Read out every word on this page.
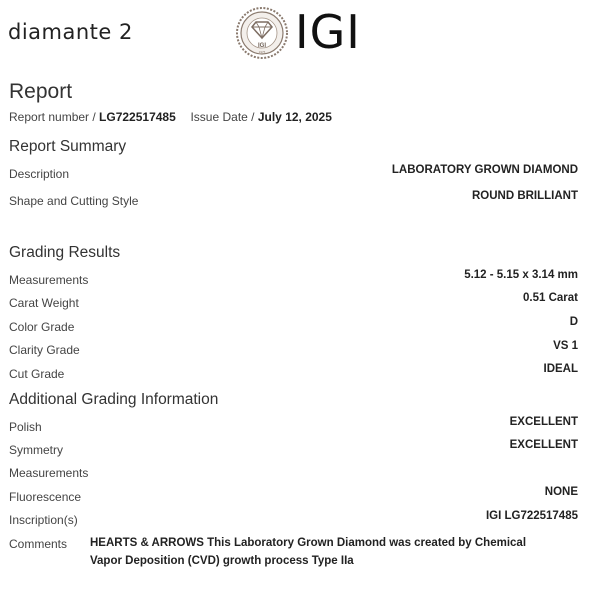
diamante 2
IGI
1975 IGI
Report
Report number / LG722517485 Issue Date / July 12, 2025
Report Summary
Description	LABORATORY GROWN DIAMOND
Shape and Cutting Style	ROUND BRILLIANT
Grading Results
Measurements	5.12 - 5.15 x 3.14 mm
Carat Weight	0.51 Carat
Color Grade	D
Clarity Grade	VS 1
Cut Grade	IDEAL
Additional Grading Information
Polish	EXCELLENT
Symmetry	EXCELLENT
Measurements
Fluorescence	NONE
Inscription(s)	IGI LG722517485
Comments HEARTS & ARROWS This Laboratory Grown Diamond was created by Chemical Vapor Deposition (CVD) growth process Type IIa
